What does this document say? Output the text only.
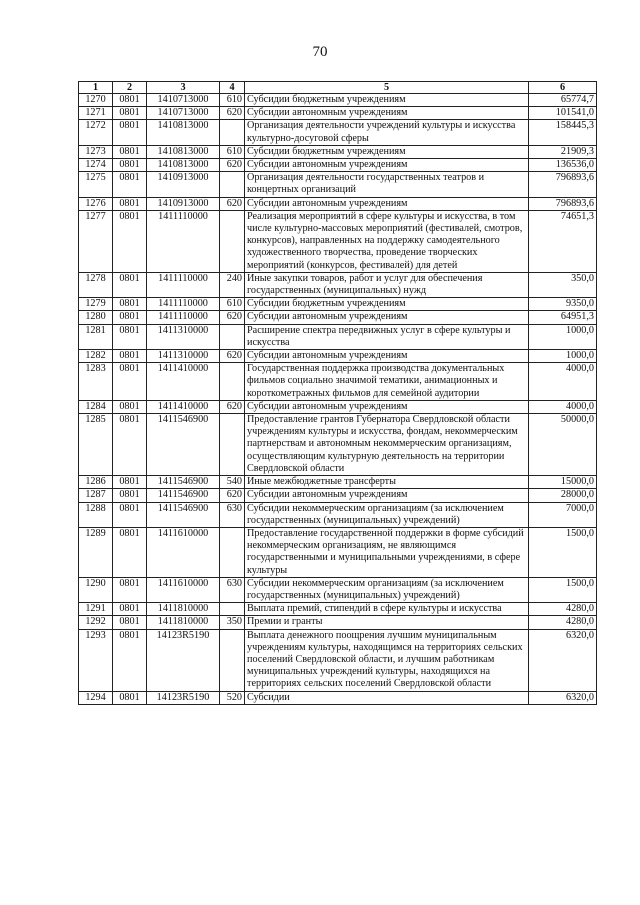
70
1	2	3	4	5	6
1270	0801	1410713000	610	Субсидии бюджетным учреждениям	65774,7
1271	0801	1410713000	620	Субсидии автономным учреждениям	101541,0
1272	0801	1410813000		Организация деятельности учреждений культуры и искусства культурно-досуговой сферы	158445,3
1273	0801	1410813000	610	Субсидии бюджетным учреждениям	21909,3
1274	0801	1410813000	620	Субсидии автономным учреждениям	136536,0
1275	0801	1410913000		Организация деятельности государственных театров и концертных организаций	796893,6
1276	0801	1410913000	620	Субсидии автономным учреждениям	796893,6
1277	0801	1411110000		Реализация мероприятий в сфере культуры и искусства, в том числе культурно-массовых мероприятий (фестивалей, смотров, конкурсов), направленных на поддержку самодеятельного художественного творчества, проведение творческих мероприятий (конкурсов, фестивалей) для детей	74651,3
1278	0801	1411110000	240	Иные закупки товаров, работ и услуг для обеспечения государственных (муниципальных) нужд	350,0
1279	0801	1411110000	610	Субсидии бюджетным учреждениям	9350,0
1280	0801	1411110000	620	Субсидии автономным учреждениям	64951,3
1281	0801	1411310000		Расширение спектра передвижных услуг в сфере культуры и искусства	1000,0
1282	0801	1411310000	620	Субсидии автономным учреждениям	1000,0
1283	0801	1411410000		Государственная поддержка производства документальных фильмов социально значимой тематики, анимационных и короткометражных фильмов для семейной аудитории	4000,0
1284	0801	1411410000	620	Субсидии автономным учреждениям	4000,0
1285	0801	1411546900		Предоставление грантов Губернатора Свердловской области учреждениям культуры и искусства, фондам, некоммерческим партнерствам и автономным некоммерческим организациям, осуществляющим культурную деятельность на территории Свердловской области	50000,0
1286	0801	1411546900	540	Иные межбюджетные трансферты	15000,0
1287	0801	1411546900	620	Субсидии автономным учреждениям	28000,0
1288	0801	1411546900	630	Субсидии некоммерческим организациям (за исключением государственных (муниципальных) учреждений)	7000,0
1289	0801	1411610000		Предоставление государственной поддержки в форме субсидий некоммерческим организациям, не являющимся государственными и муниципальными учреждениями, в сфере культуры	1500,0
1290	0801	1411610000	630	Субсидии некоммерческим организациям (за исключением государственных (муниципальных) учреждений)	1500,0
1291	0801	1411810000		Выплата премий, стипендий в сфере культуры и искусства	4280,0
1292	0801	1411810000	350	Премии и гранты	4280,0
1293	0801	14123R5190		Выплата денежного поощрения лучшим муниципальным учреждениям культуры, находящимся на территориях сельских поселений Свердловской области, и лучшим работникам муниципальных учреждений культуры, находящихся на территориях сельских поселений Свердловской области	6320,0
1294	0801	14123R5190	520	Субсидии	6320,0
